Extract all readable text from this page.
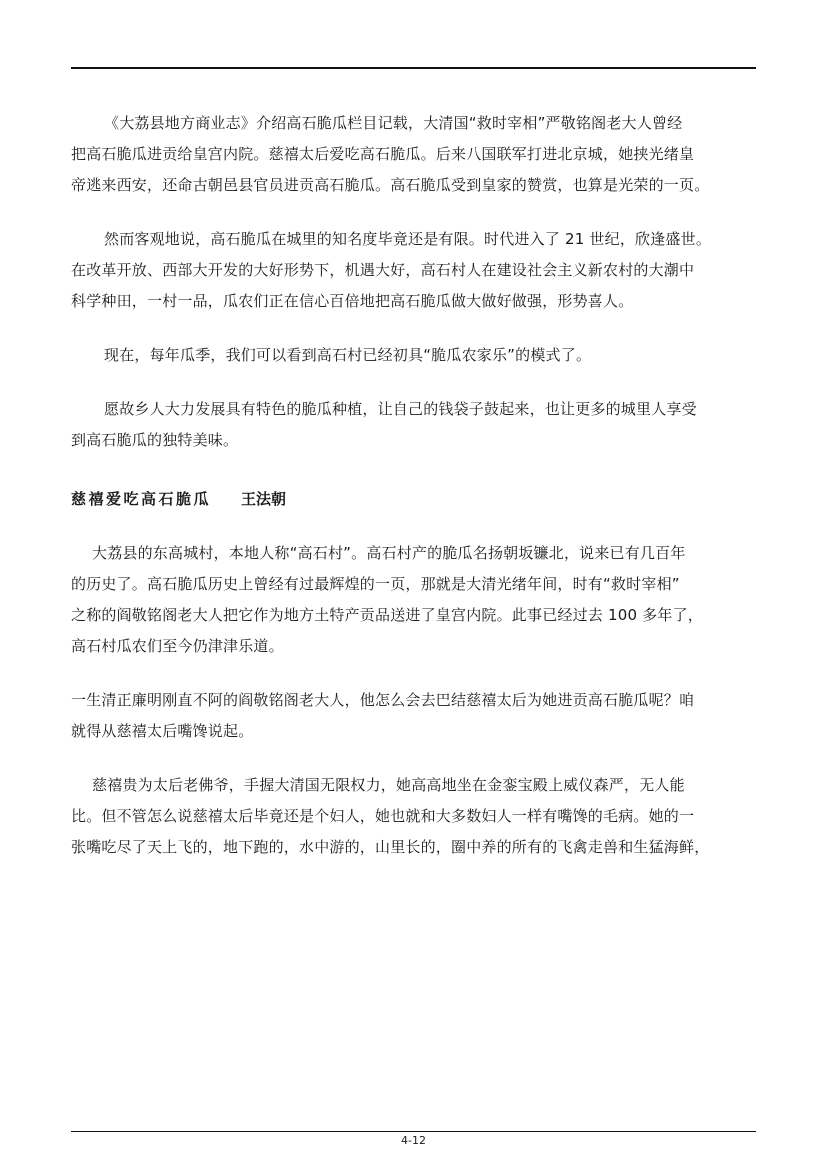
《大荔县地方商业志》介绍高石脆瓜栏目记载，大清国“救时宰相”严敬铭阁老大人曾经
把高石脆瓜进贡给皇宫内院。慈禧太后爱吃高石脆瓜。后来八国联军打进北京城，她挟光绪皇
帝逃来西安，还命古朝邑县官员进贡高石脆瓜。高石脆瓜受到皇家的赞赏，也算是光荣的一页。
然而客观地说，高石脆瓜在城里的知名度毕竟还是有限。时代进入了 21 世纪，欣逢盛世。
在改革开放、西部大开发的大好形势下，机遇大好，高石村人在建设社会主义新农村的大潮中
科学种田，一村一品，瓜农们正在信心百倍地把高石脆瓜做大做好做强，形势喜人。
现在，每年瓜季，我们可以看到高石村已经初具“脆瓜农家乐”的模式了。
愿故乡人大力发展具有特色的脆瓜种植，让自己的钱袋子鼓起来，也让更多的城里人享受
到高石脆瓜的独特美味。
慈禧爱吃高石脆瓜 王法朝
大荔县的东高城村，本地人称“高石村”。高石村产的脆瓜名扬朝坂镰北，说来已有几百年
的历史了。高石脆瓜历史上曾经有过最辉煌的一页，那就是大清光绪年间，时有“救时宰相”
之称的阎敬铭阁老大人把它作为地方土特产贡品送进了皇宫内院。此事已经过去 100 多年了，
高石村瓜农们至今仍津津乐道。
一生清正廉明刚直不阿的阎敬铭阁老大人，他怎么会去巴结慈禧太后为她进贡高石脆瓜呢？咱
就得从慈禧太后嘴馋说起。
慈禧贵为太后老佛爷，手握大清国无限权力，她高高地坐在金銮宝殿上威仪森严，无人能
比。但不管怎么说慈禧太后毕竟还是个妇人，她也就和大多数妇人一样有嘴馋的毛病。她的一
张嘴吃尽了天上飞的，地下跑的，水中游的，山里长的，圈中养的所有的飞禽走兽和生猛海鲜，
4-12
